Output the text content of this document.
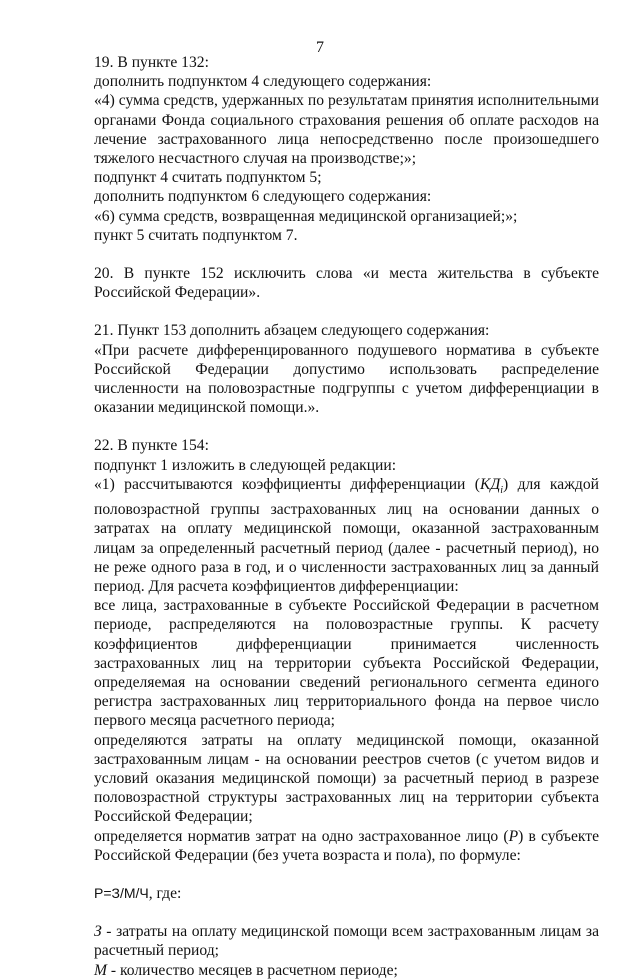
7

19. В пункте 132:

дополнить подпунктом 4 следующего содержания:

«4) сумма средств, удержанных по результатам принятия исполнительными органами Фонда социального страхования решения об оплате расходов на лечение застрахованного лица непосредственно после произошедшего тяжелого несчастного случая на производстве;»;

подпункт 4 считать подпунктом 5;

дополнить подпунктом 6 следующего содержания:

«6) сумма средств, возвращенная медицинской организацией;»;

пункт 5 считать подпунктом 7.

20. В пункте 152 исключить слова «и места жительства в субъекте Российской Федерации».

21. Пункт 153 дополнить абзацем следующего содержания:

«При расчете дифференцированного подушевого норматива в субъекте Российской Федерации допустимо использовать распределение численности на половозрастные подгруппы с учетом дифференциации в оказании медицинской помощи.».

22. В пункте 154:

подпункт 1 изложить в следующей редакции:

«1) рассчитываются коэффициенты дифференциации $(КД_i)$ для каждой половозрастной группы застрахованных лиц на основании данных о затратах на оплату медицинской помощи, оказанной застрахованным лицам за определенный расчетный период (далее - расчетный период), но не реже одного раза в год, и о численности застрахованных лиц за данный период. Для расчета коэффициентов дифференциации:

все лица, застрахованные в субъекте Российской Федерации в расчетном периоде, распределяются на половозрастные группы. К расчету коэффициентов дифференциации принимается численность застрахованных лиц на территории субъекта Российской Федерации, определяемая на основании сведений регионального сегмента единого регистра застрахованных лиц территориального фонда на первое число первого месяца расчетного периода;

определяются затраты на оплату медицинской помощи, оказанной застрахованным лицам - на основании реестров счетов (с учетом видов и условий оказания медицинской помощи) за расчетный период в разрезе половозрастной структуры застрахованных лиц на территории субъекта Российской Федерации;

определяется норматив затрат на одно застрахованное лицо (Р) в субъекте Российской Федерации (без учета возраста и пола), по формуле:

Р=З/М/Ч, где:

З - затраты на оплату медицинской помощи всем застрахованным лицам за расчетный период;

М - количество месяцев в расчетном периоде;
